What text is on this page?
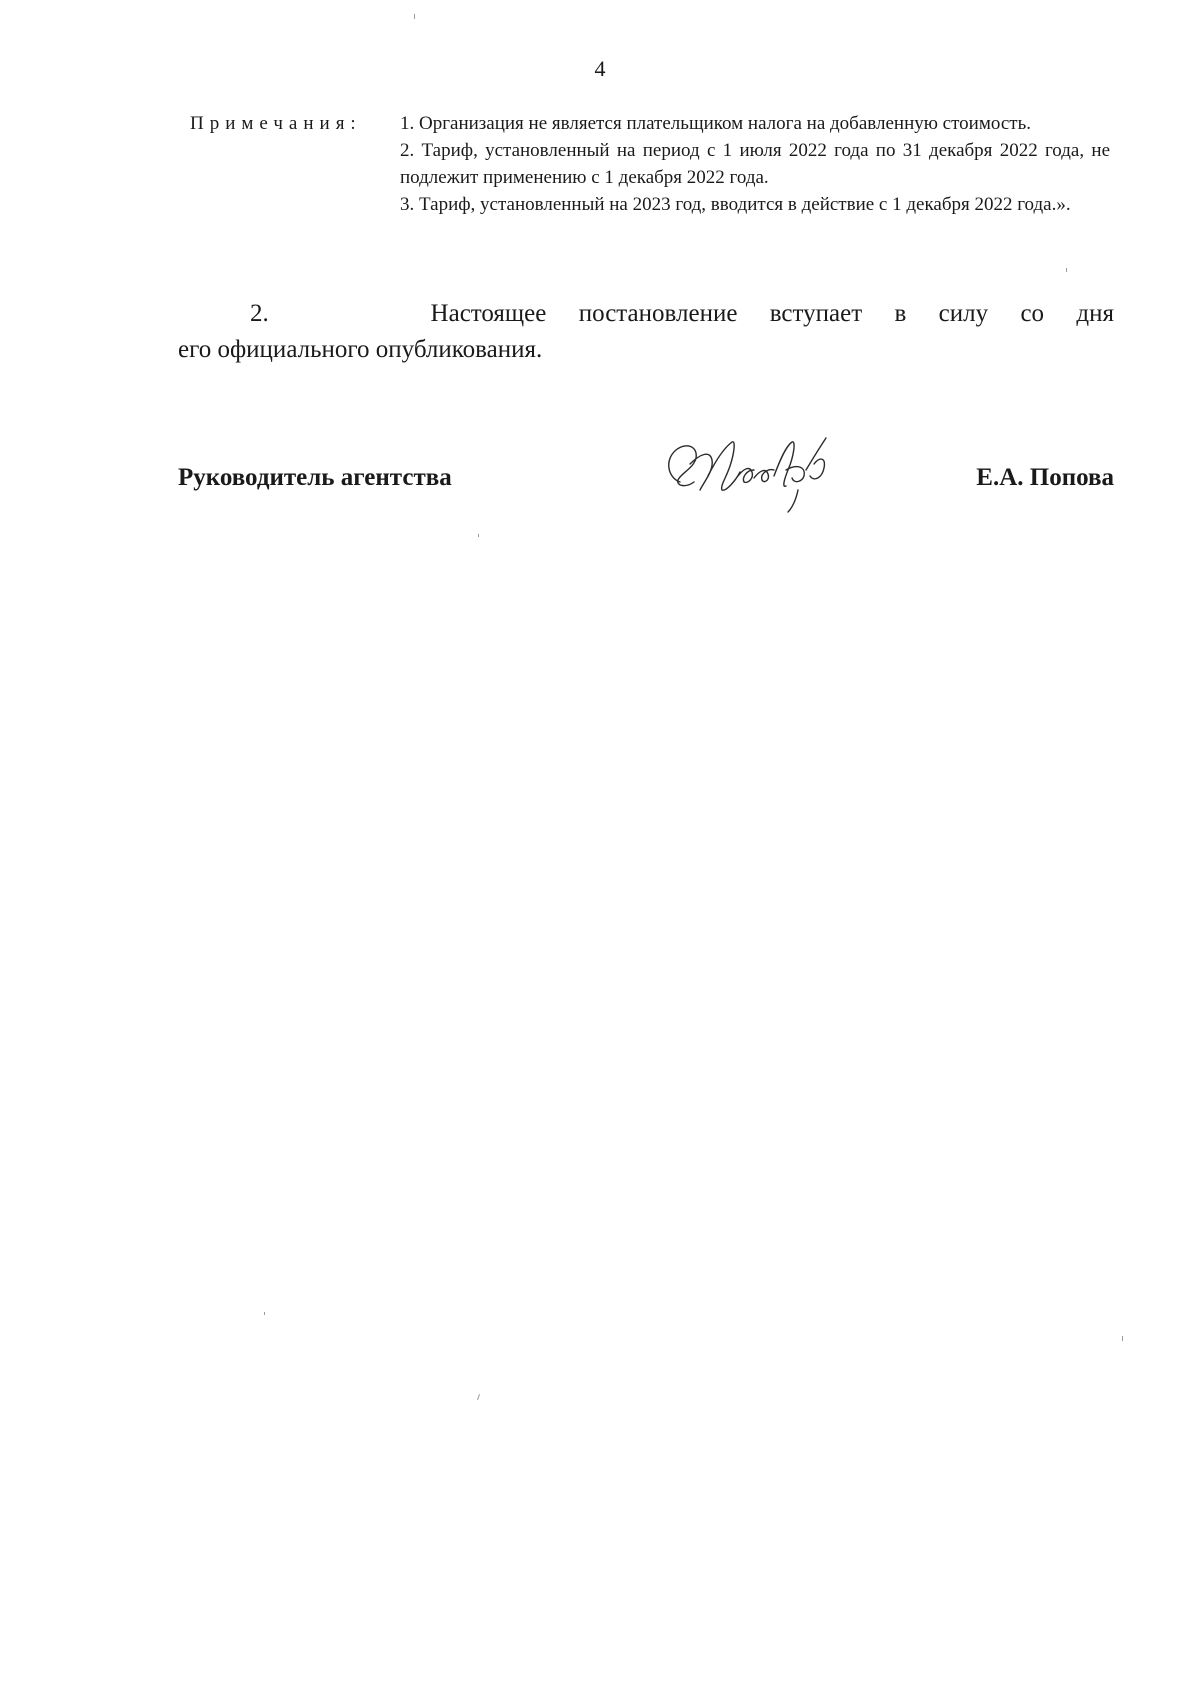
4
Примечания:	1. Организация не является плательщиком налога на добавленную стоимость.

2. Тариф, установленный на период с 1 июля 2022 года по 31 декабря 2022 года, не подлежит применению с 1 декабря 2022 года.

3. Тариф, установленный на 2023 год, вводится в действие с 1 декабря 2022 года.».

2.	Настоящее постановление вступает в силу со дня
его официального опубликования.
Руководитель агентства	Е.А. Попова
